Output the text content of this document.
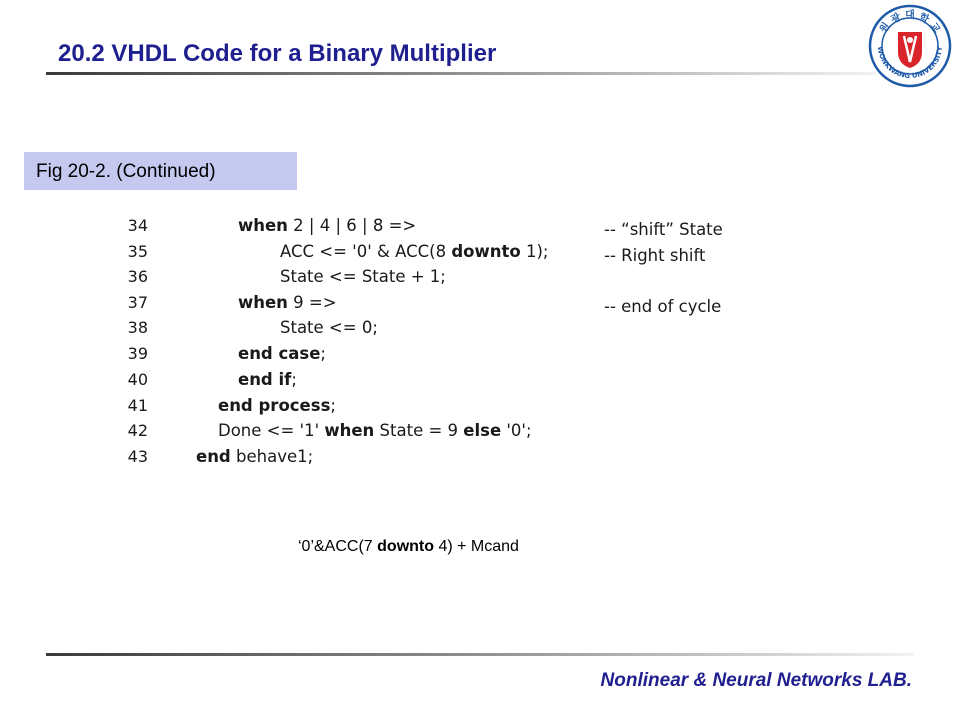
20.2 VHDL Code for a Binary Multiplier
원 광 대 학 교
WONKWANG UNIVERSITY
Fig 20-2. (Continued)
34	when 2 | 4 | 6 | 8 =>
35	ACC <= '0' & ACC(8 downto 1);
36	State <= State + 1;
37	when 9 =>
38	State <= 0;
39	end case;
40	end if;
41	end process;
42	Done <= '1' when State = 9 else '0';
43	end behave1;
-- “shift” State
-- Right shift
-- end of cycle
‘0’&ACC(7 downto 4) + Mcand
Nonlinear & Neural Networks LAB.
